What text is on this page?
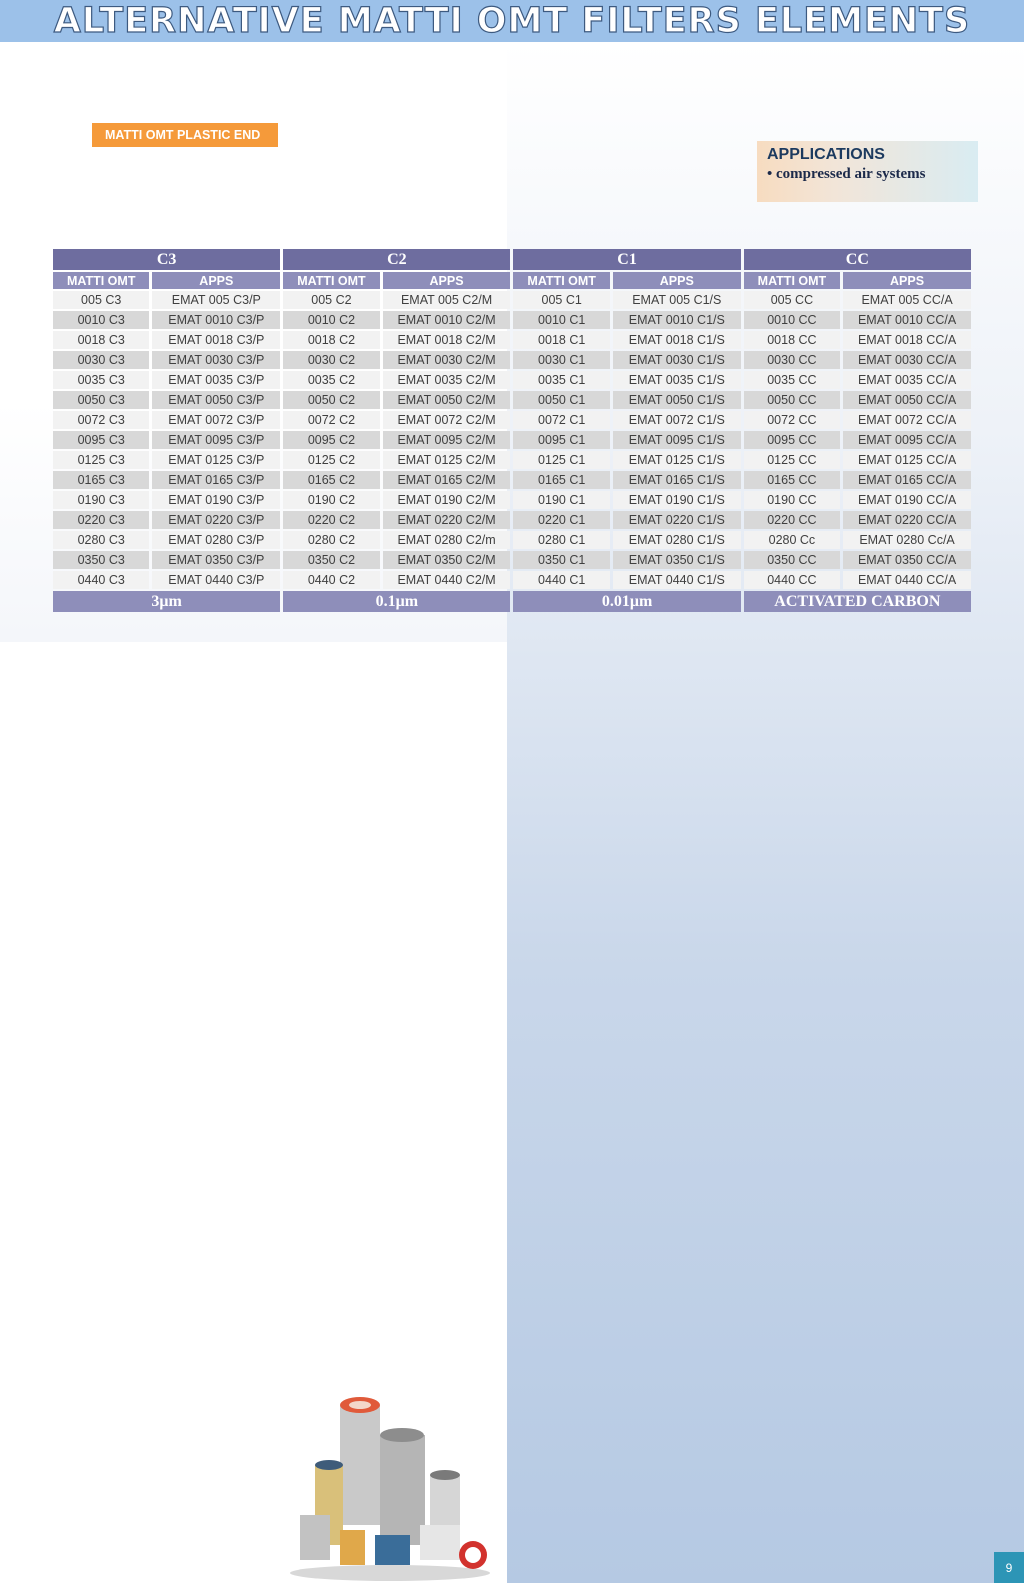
ALTERNATIVE MATTI OMT FILTERS ELEMENTS
MATTI OMT PLASTIC END
APPLICATIONS
• compressed air systems
C3		C2		C1		CC	
MATTI OMT	APPS	MATTI OMT	APPS	MATTI OMT	APPS	MATTI OMT	APPS
005 C3	EMAT 005 C3/P	005 C2	EMAT 005 C2/M	005 C1	EMAT 005 C1/S	005 CC	EMAT 005 CC/A
0010 C3	EMAT 0010 C3/P	0010 C2	EMAT 0010 C2/M	0010 C1	EMAT 0010 C1/S	0010 CC	EMAT 0010 CC/A
0018 C3	EMAT 0018 C3/P	0018 C2	EMAT 0018 C2/M	0018 C1	EMAT 0018 C1/S	0018 CC	EMAT 0018 CC/A
0030 C3	EMAT 0030 C3/P	0030 C2	EMAT 0030 C2/M	0030 C1	EMAT 0030 C1/S	0030 CC	EMAT 0030 CC/A
0035 C3	EMAT 0035 C3/P	0035 C2	EMAT 0035 C2/M	0035 C1	EMAT 0035 C1/S	0035 CC	EMAT 0035 CC/A
0050 C3	EMAT 0050 C3/P	0050 C2	EMAT 0050 C2/M	0050 C1	EMAT 0050 C1/S	0050 CC	EMAT 0050 CC/A
0072 C3	EMAT 0072 C3/P	0072 C2	EMAT 0072 C2/M	0072 C1	EMAT 0072 C1/S	0072 CC	EMAT 0072 CC/A
0095 C3	EMAT 0095 C3/P	0095 C2	EMAT 0095 C2/M	0095 C1	EMAT 0095 C1/S	0095 CC	EMAT 0095 CC/A
0125 C3	EMAT 0125 C3/P	0125 C2	EMAT 0125 C2/M	0125 C1	EMAT 0125 C1/S	0125 CC	EMAT 0125 CC/A
0165 C3	EMAT 0165 C3/P	0165 C2	EMAT 0165 C2/M	0165 C1	EMAT 0165 C1/S	0165 CC	EMAT 0165 CC/A
0190 C3	EMAT 0190 C3/P	0190 C2	EMAT 0190 C2/M	0190 C1	EMAT 0190 C1/S	0190 CC	EMAT 0190 CC/A
0220 C3	EMAT 0220 C3/P	0220 C2	EMAT 0220 C2/M	0220 C1	EMAT 0220 C1/S	0220 CC	EMAT 0220 CC/A
0280 C3	EMAT 0280 C3/P	0280 C2	EMAT 0280 C2/m	0280 C1	EMAT 0280 C1/S	0280 Cc	EMAT 0280 Cc/A
0350 C3	EMAT 0350 C3/P	0350 C2	EMAT 0350 C2/M	0350 C1	EMAT 0350 C1/S	0350 CC	EMAT 0350 CC/A
0440 C3	EMAT 0440 C3/P	0440 C2	EMAT 0440 C2/M	0440 C1	EMAT 0440 C1/S	0440 CC	EMAT 0440 CC/A
3μm		0.1μm		0.01μm		ACTIVATED CARBON	
9
